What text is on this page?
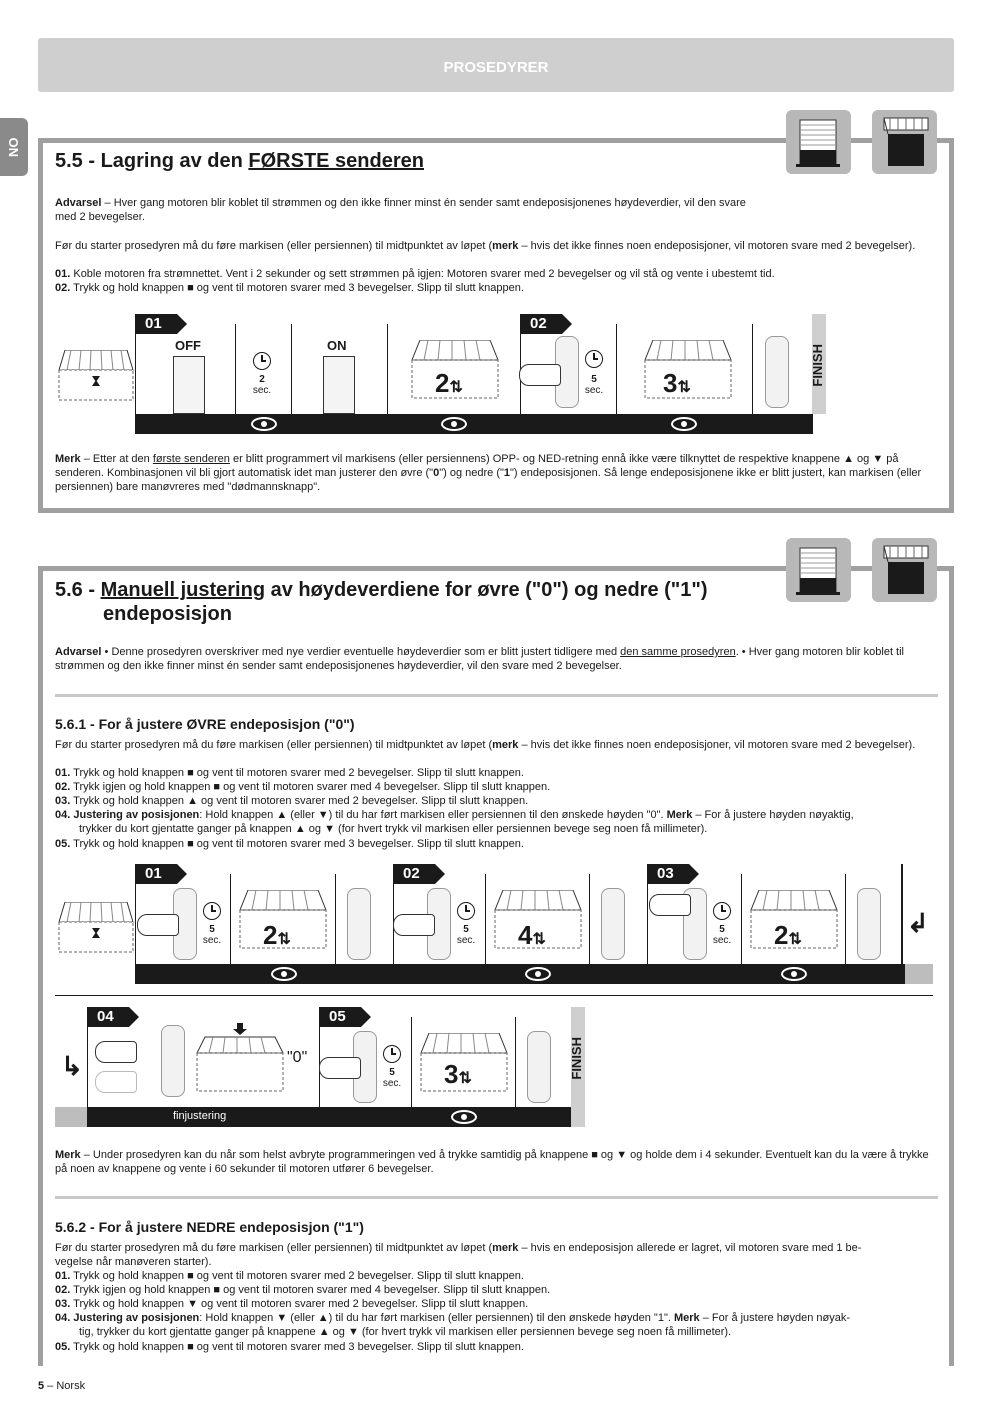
PROSEDYRER
NO
5.5 - Lagring av den FØRSTE senderen
Advarsel – Hver gang motoren blir koblet til strømmen og den ikke finner minst én sender samt endeposisjonenes høydeverdier, vil den svare med 2 bevegelser.
Før du starter prosedyren må du føre markisen (eller persiennen) til midtpunktet av løpet (merk – hvis det ikke finnes noen endeposisjoner, vil motoren svare med 2 bevegelser).
01. Koble motoren fra strømnettet. Vent i 2 sekunder og sett strømmen på igjen: Motoren svarer med 2 bevegelser og vil stå og vente i ubestemt tid.
02. Trykk og hold knappen ■ og vent til motoren svarer med 3 bevegelser. Slipp til slutt knappen.
01
OFF
2
sec.
ON
2⇅
02
5
sec. 3⇅
FINISH
Merk – Etter at den første senderen er blitt programmert vil markisens (eller persiennens) OPP- og NED-retning ennå ikke være tilknyttet de respektive knappene ▲ og ▼ på senderen. Kombinasjonen vil bli gjort automatisk idet man justerer den øvre ("0") og nedre ("1") endeposisjonen. Så lenge endeposisjonene ikke er blitt justert, kan markisen (eller persiennen) bare manøvreres med "dødmannsknapp".
5.6 - Manuell justering av høydeverdiene for øvre ("0") og nedre ("1")
endeposisjon
Advarsel • Denne prosedyren overskriver med nye verdier eventuelle høydeverdier som er blitt justert tidligere med den samme prosedyren. • Hver gang motoren blir koblet til strømmen og den ikke finner minst én sender samt endeposisjonenes høydeverdier, vil den svare med 2 bevegelser.
5.6.1 - For å justere ØVRE endeposisjon ("0")
Før du starter prosedyren må du føre markisen (eller persiennen) til midtpunktet av løpet (merk – hvis det ikke finnes noen endeposisjoner, vil motoren svare med 2 bevegelser).
01. Trykk og hold knappen ■ og vent til motoren svarer med 2 bevegelser. Slipp til slutt knappen.
02. Trykk igjen og hold knappen ■ og vent til motoren svarer med 4 bevegelser. Slipp til slutt knappen.
03. Trykk og hold knappen ▲ og vent til motoren svarer med 2 bevegelser. Slipp til slutt knappen.
04. Justering av posisjonen: Hold knappen ▲ (eller ▼) til du har ført markisen eller persiennen til den ønskede høyden "0". Merk – For å justere høyden nøyaktig,
trykker du kort gjentatte ganger på knappen ▲ og ▼ (for hvert trykk vil markisen eller persiennen bevege seg noen få millimeter).
05. Trykk og hold knappen ■ og vent til motoren svarer med 3 bevegelser. Slipp til slutt knappen.
01
5
sec. 2⇅
02
5
sec. 4⇅
03
5
sec. 2⇅
↲
↳
04
"0"
05
5
sec. 3⇅	FINISH
finjustering
Merk – Under prosedyren kan du når som helst avbryte programmeringen ved å trykke samtidig på knappene ■ og ▼ og holde dem i 4 sekunder. Eventuelt kan du la være å trykke på noen av knappene og vente i 60 sekunder til motoren utfører 6 bevegelser.
5.6.2 - For å justere NEDRE endeposisjon ("1")
Før du starter prosedyren må du føre markisen (eller persiennen) til midtpunktet av løpet (merk – hvis en endeposisjon allerede er lagret, vil motoren svare med 1 be-
vegelse når manøveren starter).
01. Trykk og hold knappen ■ og vent til motoren svarer med 2 bevegelser. Slipp til slutt knappen.
02. Trykk igjen og hold knappen ■ og vent til motoren svarer med 4 bevegelser. Slipp til slutt knappen.
03. Trykk og hold knappen ▼ og vent til motoren svarer med 2 bevegelser. Slipp til slutt knappen.
04. Justering av posisjonen: Hold knappen ▼ (eller ▲) til du har ført markisen (eller persiennen) til den ønskede høyden "1". Merk – For å justere høyden nøyak-
tig, trykker du kort gjentatte ganger på knappene ▲ og ▼ (for hvert trykk vil markisen eller persiennen bevege seg noen få millimeter).
05. Trykk og hold knappen ■ og vent til motoren svarer med 3 bevegelser. Slipp til slutt knappen.
5 – Norsk
